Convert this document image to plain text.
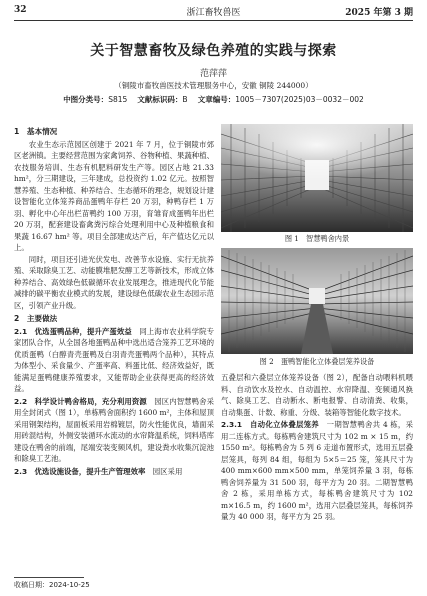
32	浙江畜牧兽医	2025 年第 3 期
关于智慧畜牧及绿色养殖的实践与探索
范萍萍
（铜陵市畜牧兽医技术管理服务中心，安徽 铜陵 244000）
中图分类号：S815 文献标识码：B 文章编号：1005－7307(2025)03－0032－002
1　基本情况

农业生态示范园区创建于 2021 年 7 月，位于铜陵市郊区老洲镇。主要经营范围为家禽饲养、谷物种植、果蔬种植、农技服务培训、生态有机肥料研发生产等。园区占地 21.33 hm²，分三期建设，三年建成，总投资约 1.02 亿元。按照智慧养殖、生态种植、种养结合、生态循环的理念，规划设计建设智能化立体笼养商品蛋鸭年存栏 20 万羽，种鸭存栏 1 万羽、孵化中心年出栏苗鸭约 100 万羽，育雏育成蛋鸭年出栏 20 万羽，配套建设畜禽粪污综合处理利用中心及种植粮食和果蔬 16.67 hm² 等。项目全部建成达产后，年产值达亿元以上。

同时，项目还引进光伏发电、改善节水设施、实行无抗养殖、采取除臭工艺、动能膜堆肥发酵工艺等新技术，形成立体种养结合、高效绿色低碳循环农业发展理念，推进现代化节能减排的碳平衡农业模式的发展，建设绿色低碳农业生态园示范区，引领产业升级。

2　主要做法
2.1　优选蛋鸭品种，提升产蛋效益　 同上海市农业科学院专家团队合作，从全国各地蛋鸭品种中选出适合笼养工艺环境的优质蛋鸭（白醇青壳蛋鸭及白羽青壳蛋鸭两个品种），其特点为体型小、采食量少、产蛋率高、料蛋比低、经济效益好，既能满足蛋鸭健康养殖要求，又能帮助企业获得更高的经济效益。
2.2　科学设计鸭舍格局，充分利用资源　 园区内智慧鸭舍采用全封闭式（图 1），单栋鸭舍面积约 1600 m²，主体和屋顶采用钢架结构，屋面板采用岩棉镀层，防火性能优良，墙面采用砖混结构，外侧安装循环水流动的水帘降温系统，饲料塔库建设在鸭舍的前端，尾端安装变频风机，建设粪水收集沉淀池和除臭工艺池。
2.3　优选设施设备，提升生产管理效率　 园区采用
图 1　智慧鸭舍内景
图 2　蛋鸭智能化立体叠层笼养设备

五叠层和六叠层立体笼养设备（图 2），配备自动喂料机喂料、自动饮水及控水、自动温控、水帘降温、变频通风换气、除臭工艺、自动断水、断电报警、自动清粪、收集，自动集蛋、计数、称重、分级、装箱等智能化数字技术。

2.3.1　自动化立体叠层笼养　 一期智慧鸭舍共 4 栋，采用二连栋方式。每栋鸭舍建筑尺寸为 102 m × 15 m，约 1550 m²。每栋鸭舍为 5 列 6 走道布置形式，选用五层叠层笼具，每列 84 组，每组为 5×5＝25 笼，笼具尺寸为 400 mm×600 mm×500 mm，单笼饲养量 3 羽，每栋鸭舍饲养量为 31 500 羽，每平方为 20 羽。二期智慧鸭舍 2 栋，采用单栋方式，每栋鸭舍建筑尺寸为 102 m×16.5 m，约 1600 m²，选用六层叠层笼具，每栋饲养量为 40 000 羽，每平方为 25 羽。
收稿日期：2024-10-25
